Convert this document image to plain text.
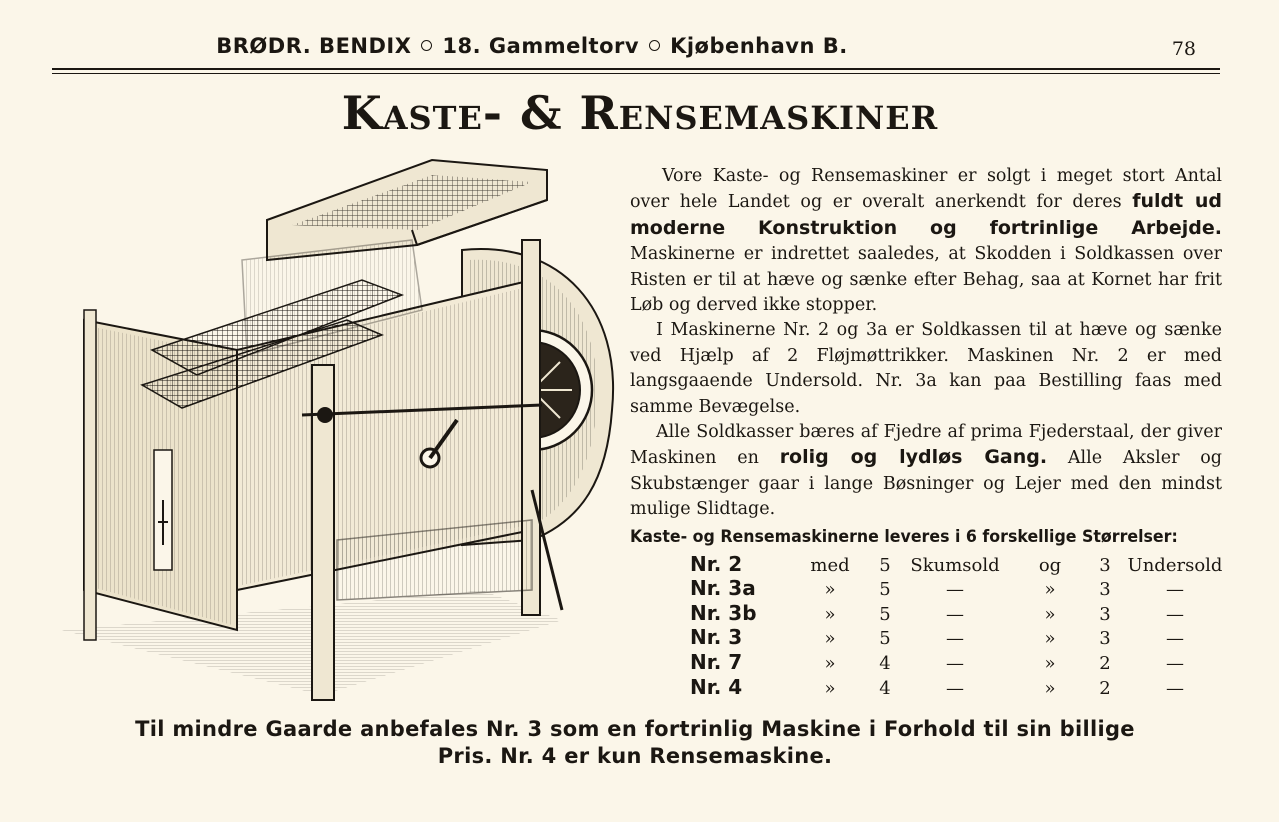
BRØDR. BENDIX 18. Gammeltorv Kjøbenhavn B.	78
Kaste- & Rensemaskiner

Vore Kaste- og Rensemaskiner er solgt i meget stort Antal over hele Landet og er overalt anerkendt for deres fuldt ud moderne Konstruktion og fortrinlige Arbejde. Maskinerne er indrettet saaledes, at Skodden i Soldkassen over Risten er til at hæve og sænke efter Behag, saa at Kornet har frit Løb og derved ikke stopper.

I Maskinerne Nr. 2 og 3a er Soldkassen til at hæve og sænke ved Hjælp af 2 Fløjmøttrikker. Maskinen Nr. 2 er med langsgaaende Undersold. Nr. 3a kan paa Bestilling faas med samme Bevægelse.

Alle Soldkasser bæres af Fjedre af prima Fjederstaal, der giver Maskinen en rolig og lydløs Gang. Alle Aksler og Skubstænger gaar i lange Bøsninger og Lejer med den mindst mulige Slidtage.

Kaste- og Rensemaskinerne leveres i 6 forskellige Størrelser:
Nr. 2	med	5	Skumsold	og	3	Undersold
Nr. 3a	»	5	—	»	3	—
Nr. 3b	»	5	—	»	3	—
Nr. 3	»	5	—	»	3	—
Nr. 7	»	4	—	»	2	—
Nr. 4	»	4	—	»	2	—
Til mindre Gaarde anbefales Nr. 3 som en fortrinlig Maskine i Forhold til sin billige
Pris. Nr. 4 er kun Rensemaskine.
